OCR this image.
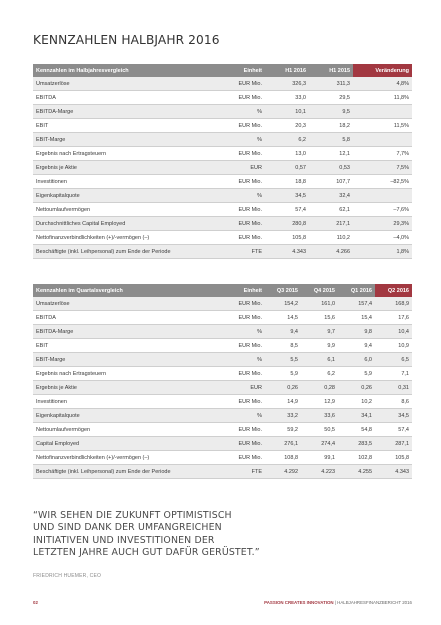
KENNZAHLEN HALBJAHR 2016
Kennzahlen im Halbjahresvergleich	Einheit	H1 2016	H1 2015	Veränderung
Umsatzerlöse	EUR Mio.	326,3	311,3	4,8%
EBITDA	EUR Mio.	33,0	29,5	11,8%
EBITDA-Marge	%	10,1	9,5	
EBIT	EUR Mio.	20,3	18,2	11,5%
EBIT-Marge	%	6,2	5,8	
Ergebnis nach Ertragsteuern	EUR Mio.	13,0	12,1	7,7%
Ergebnis je Aktie	EUR	0,57	0,53	7,5%
Investitionen	EUR Mio.	18,8	107,7	–82,5%
Eigenkapitalquote	%	34,5	32,4	
Nettoumlaufvermögen	EUR Mio.	57,4	62,1	–7,6%
Durchschnittliches Capital Employed	EUR Mio.	280,8	217,1	29,3%
Nettofinanzverbindlichkeiten (+)/-vermögen (–)	EUR Mio.	105,8	110,2	–4,0%
Beschäftigte (inkl. Leihpersonal) zum Ende der Periode	FTE	4.343	4.266	1,8%
Kennzahlen im Quartalsvergleich	Einheit	Q3 2015	Q4 2015	Q1 2016	Q2 2016
Umsatzerlöse	EUR Mio.	154,2	161,0	157,4	168,9
EBITDA	EUR Mio.	14,5	15,6	15,4	17,6
EBITDA-Marge	%	9,4	9,7	9,8	10,4
EBIT	EUR Mio.	8,5	9,9	9,4	10,9
EBIT-Marge	%	5,5	6,1	6,0	6,5
Ergebnis nach Ertragsteuern	EUR Mio.	5,9	6,2	5,9	7,1
Ergebnis je Aktie	EUR	0,26	0,28	0,26	0,31
Investitionen	EUR Mio.	14,9	12,9	10,2	8,6
Eigenkapitalquote	%	33,2	33,6	34,1	34,5
Nettoumlaufvermögen	EUR Mio.	59,2	50,5	54,8	57,4
Capital Employed	EUR Mio.	276,1	274,4	283,5	287,1
Nettofinanzverbindlichkeiten (+)/-vermögen (–)	EUR Mio.	108,8	99,1	102,8	105,8
Beschäftigte (inkl. Leihpersonal) zum Ende der Periode	FTE	4.292	4.223	4.255	4.343
“WIR SEHEN DIE ZUKUNFT OPTIMISTISCH
UND SIND DANK DER UMFANGREICHEN
INITIATIVEN UND INVESTITIONEN DER
LETZTEN JAHRE AUCH GUT DAFÜR GERÜSTET.”
FRIEDRICH HUEMER, CEO
02	PASSION CREATES INNOVATION | HALBJAHRESFINANZBERICHT 2016
